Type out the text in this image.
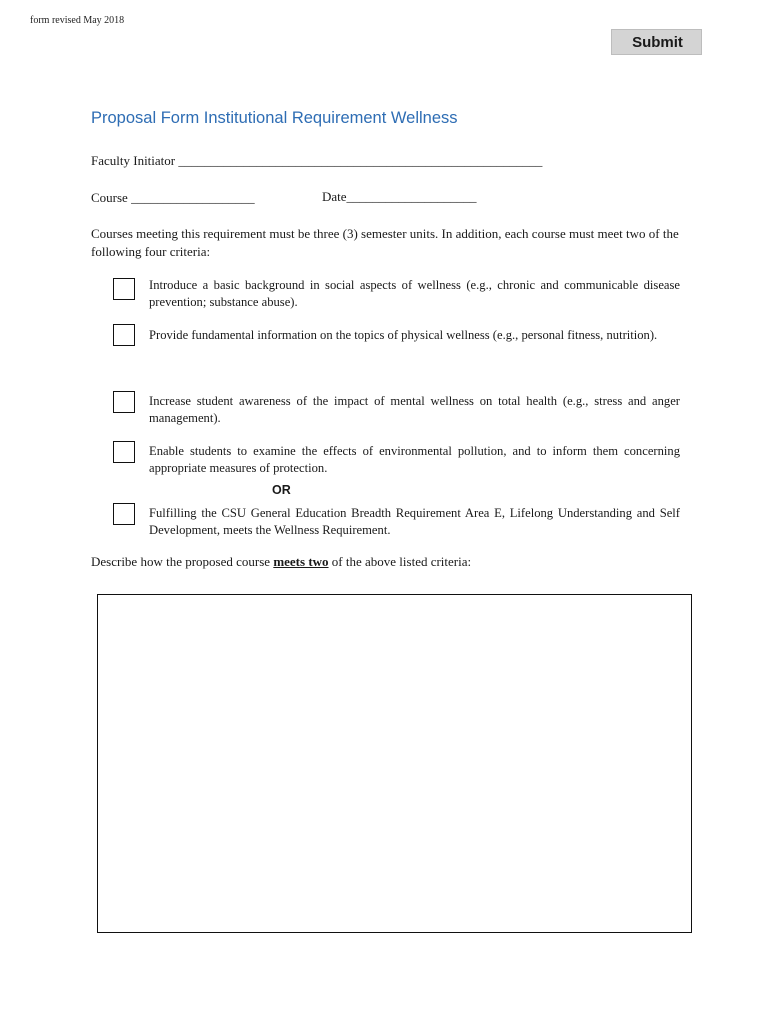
form revised May 2018
Submit
Proposal Form Institutional Requirement Wellness
Faculty Initiator ________________________________________________________
Course ___________________	Date____________________
Courses meeting this requirement must be three (3) semester units. In addition, each course must meet two of the following four criteria:
Introduce a basic background in social aspects of wellness (e.g., chronic and communicable disease prevention; substance abuse).
Provide fundamental information on the topics of physical wellness (e.g., personal fitness, nutrition).
Increase student awareness of the impact of mental wellness on total health (e.g., stress and anger management).
Enable students to examine the effects of environmental pollution, and to inform them concerning appropriate measures of protection.
OR
Fulfilling the CSU General Education Breadth Requirement Area E, Lifelong Understanding and Self Development, meets the Wellness Requirement.
Describe how the proposed course meets two of the above listed criteria:
